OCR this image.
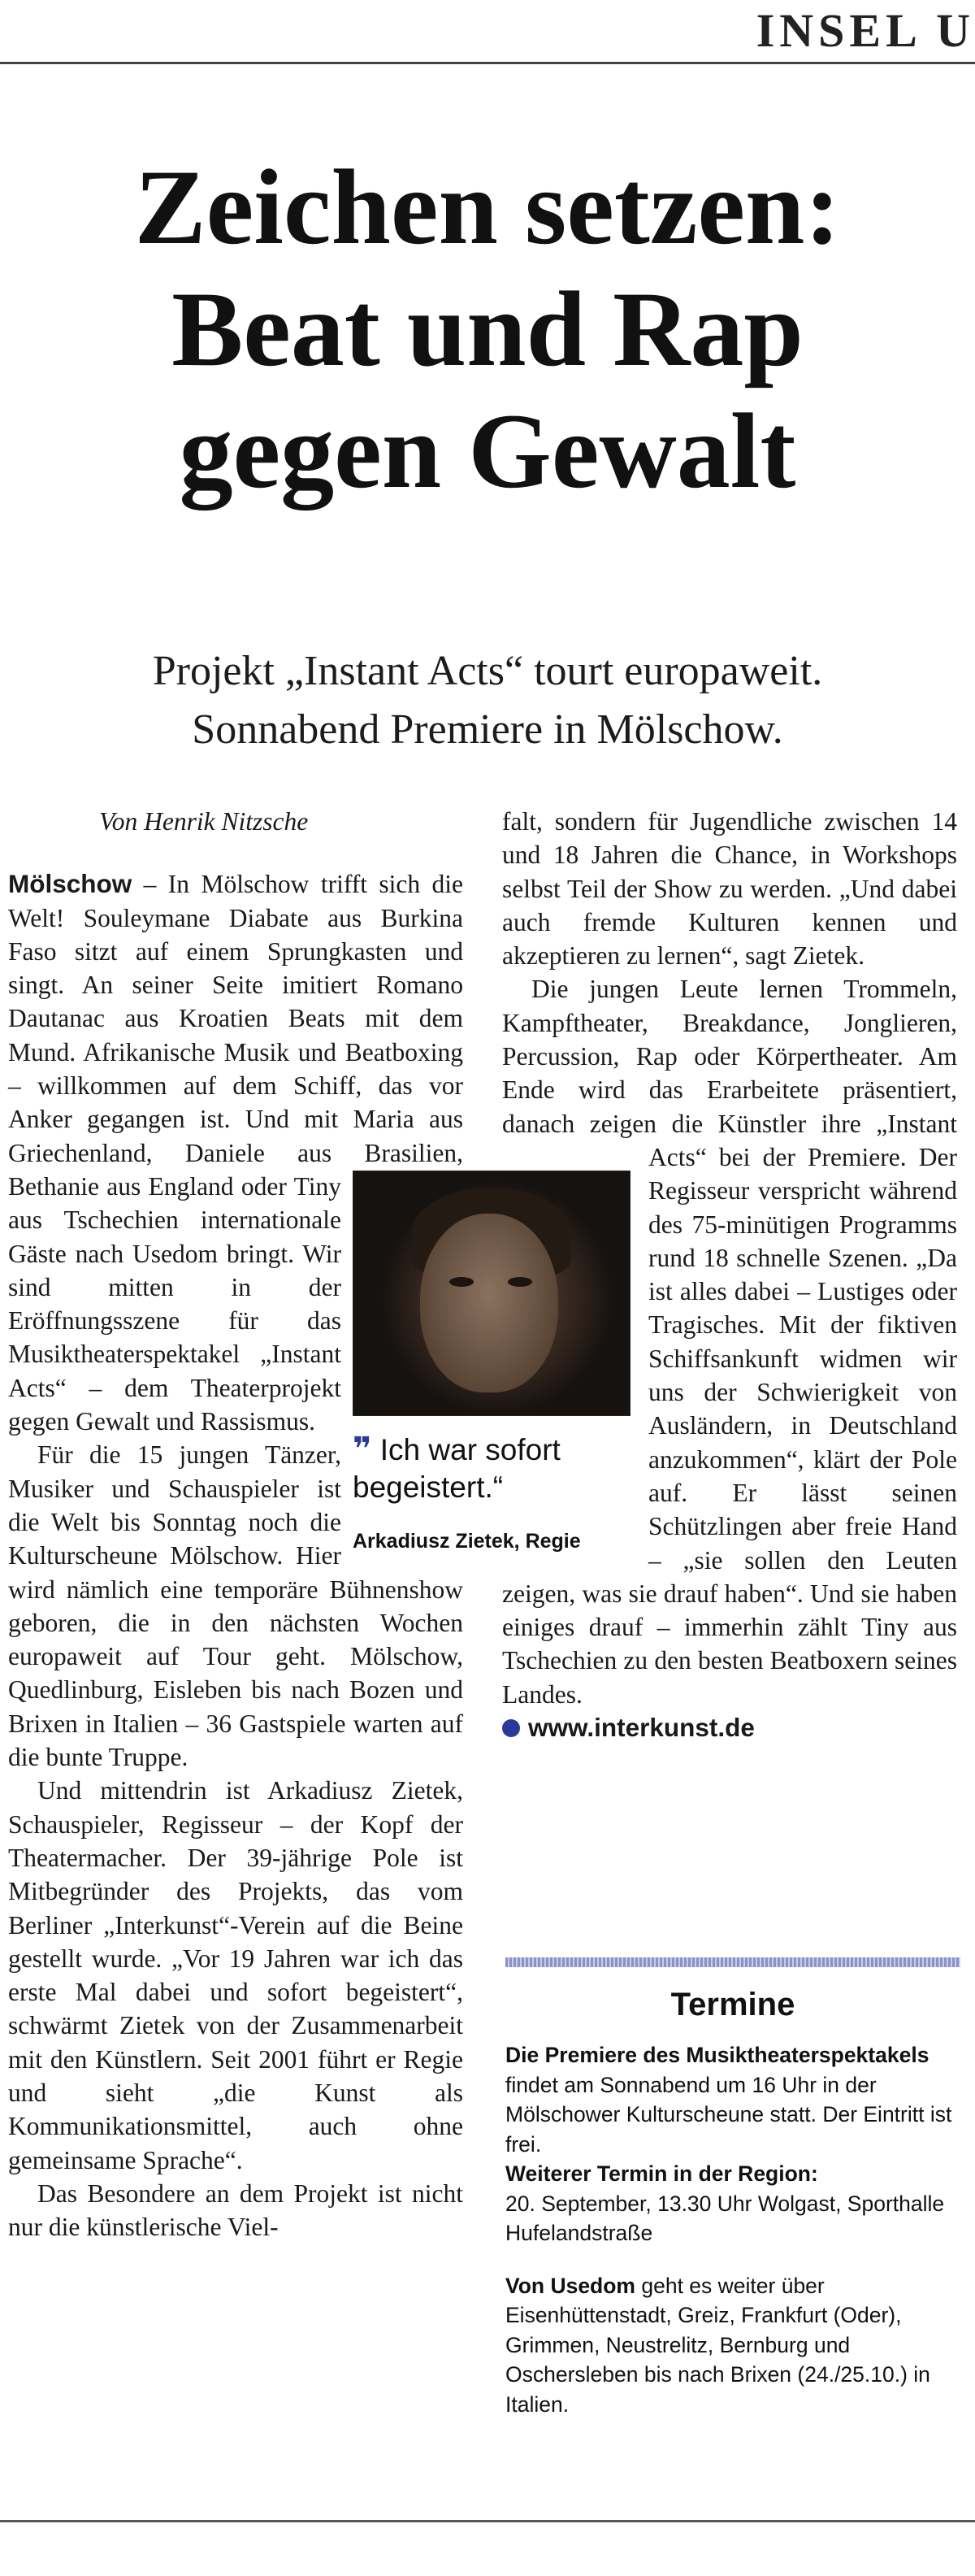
INSEL U
Zeichen setzen:
Beat und Rap
gegen Gewalt
Projekt „Instant Acts“ tourt europaweit.
Sonnabend Premiere in Mölschow.

Von Henrik Nitzsche

Mölschow – In Mölschow trifft sich die Welt! Souleymane Diabate aus Burkina Faso sitzt auf einem Sprungkasten und singt. An seiner Seite imitiert Romano Dautanac aus Kroatien Beats mit dem Mund. Afrikanische Musik und Beatboxing – willkommen auf dem Schiff, das vor Anker gegangen ist. Und mit Maria aus Griechenland, Daniele aus Brasilien, Bethanie aus England oder Tiny aus Tschechien internationale Gäste nach Usedom bringt. Wir sind mitten in der Eröffnungsszene für das Musiktheaterspektakel „Instant Acts“ – dem Theaterprojekt gegen Gewalt und Rassismus.

Für die 15 jungen Tänzer, Musiker und Schauspieler ist die Welt bis Sonntag noch die Kulturscheune Mölschow. Hier wird nämlich eine temporäre Bühnenshow geboren, die in den nächsten Wochen europaweit auf Tour geht. Mölschow, Quedlinburg, Eisleben bis nach Bozen und Brixen in Italien – 36 Gastspiele warten auf die bunte Truppe.

Und mittendrin ist Arkadiusz Zietek, Schauspieler, Regisseur – der Kopf der Theatermacher. Der 39-jährige Pole ist Mitbegründer des Projekts, das vom Berliner „Interkunst“-Verein auf die Beine gestellt wurde. „Vor 19 Jahren war ich das erste Mal dabei und sofort begeistert“, schwärmt Zietek von der Zusammenarbeit mit den Künstlern. Seit 2001 führt er Regie und sieht „die Kunst als Kommunikationsmittel, auch ohne gemeinsame Sprache“.

Das Besondere an dem Projekt ist nicht nur die künstlerische Viel-

❞ Ich war sofort begeistert.“
Arkadiusz Zietek, Regie

falt, sondern für Jugendliche zwischen 14 und 18 Jahren die Chance, in Workshops selbst Teil der Show zu werden. „Und dabei auch fremde Kulturen kennen und akzeptieren zu lernen“, sagt Zietek.

Die jungen Leute lernen Trommeln, Kampftheater, Breakdance, Jonglieren, Percussion, Rap oder Körpertheater. Am Ende wird das Erarbeitete präsentiert, danach zeigen die Künstler ihre „Instant Acts“ bei der Premiere. Der Regisseur verspricht während des 75-minütigen Programms rund 18 schnelle Szenen. „Da ist alles dabei – Lustiges oder Tragisches. Mit der fiktiven Schiffsankunft widmen wir uns der Schwierigkeit von Ausländern, in Deutschland anzukommen“, klärt der Pole auf. Er lässt seinen Schützlingen aber freie Hand – „sie sollen den Leuten zeigen, was sie drauf haben“. Und sie haben einiges drauf – immerhin zählt Tiny aus Tschechien zu den besten Beatboxern seines Landes.

www.interkunst.de

Termine

Die Premiere des Musiktheaterspektakels findet am Sonnabend um 16 Uhr in der Mölschower Kulturscheune statt. Der Eintritt ist frei.

Weiterer Termin in der Region:
20. September, 13.30 Uhr Wolgast, Sporthalle Hufelandstraße

Von Usedom geht es weiter über Eisenhüttenstadt, Greiz, Frankfurt (Oder), Grimmen, Neustrelitz, Bernburg und Oschersleben bis nach Brixen (24./25.10.) in Italien.
